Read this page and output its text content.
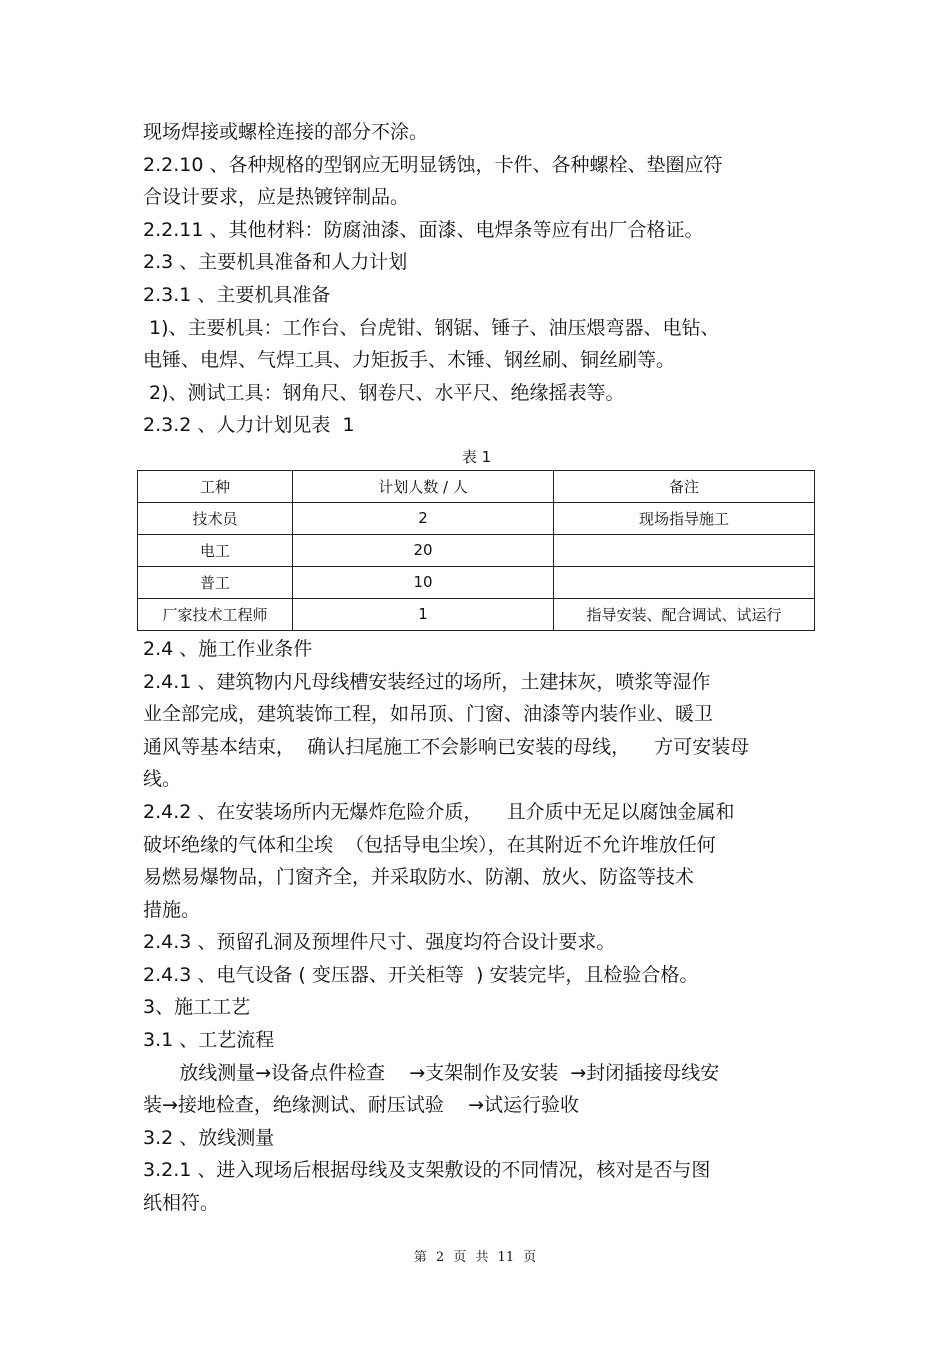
现场焊接或螺栓连接的部分不涂。
2.2.10 、各种规格的型钢应无明显锈蚀，卡件、各种螺栓、垫圈应符
合设计要求，应是热镀锌制品。
2.2.11 、其他材料：防腐油漆、面漆、电焊条等应有出厂合格证。
2.3 、主要机具准备和人力计划
2.3.1 、主要机具准备
1)、主要机具：工作台、台虎钳、钢锯、锤子、油压煨弯器、电钻、
电锤、电焊、气焊工具、力矩扳手、木锤、钢丝刷、铜丝刷等。
2)、测试工具：钢角尺、钢卷尺、水平尺、绝缘摇表等。
2.3.2 、人力计划见表  1
表 1
工种	计划人数 / 人	备注
技术员	2	现场指导施工
电工	20	
普工	10	
厂家技术工程师	1	指导安装、配合调试、试运行
2.4 、施工作业条件
2.4.1 、建筑物内凡母线槽安装经过的场所，土建抹灰，喷浆等湿作
业全部完成，建筑装饰工程，如吊顶、门窗、油漆等内装作业、暖卫
通风等基本结束，  确认扫尾施工不会影响已安装的母线，    方可安装母
线。
2.4.2 、在安装场所内无爆炸危险介质，    且介质中无足以腐蚀金属和
破坏绝缘的气体和尘埃  （包括导电尘埃），在其附近不允许堆放任何
易燃易爆物品，门窗齐全，并采取防水、防潮、放火、防盗等技术
措施。
2.4.3 、预留孔洞及预埋件尺寸、强度均符合设计要求。
2.4.3 、电气设备 ( 变压器、开关柜等  ) 安装完毕，且检验合格。
3、施工工艺
3.1 、工艺流程
放线测量→设备点件检查    →支架制作及安装  →封闭插接母线安
装→接地检查，绝缘测试、耐压试验    →试运行验收
3.2 、放线测量
3.2.1 、进入现场后根据母线及支架敷设的不同情况，核对是否与图
纸相符。
第 2 页 共 11 页
